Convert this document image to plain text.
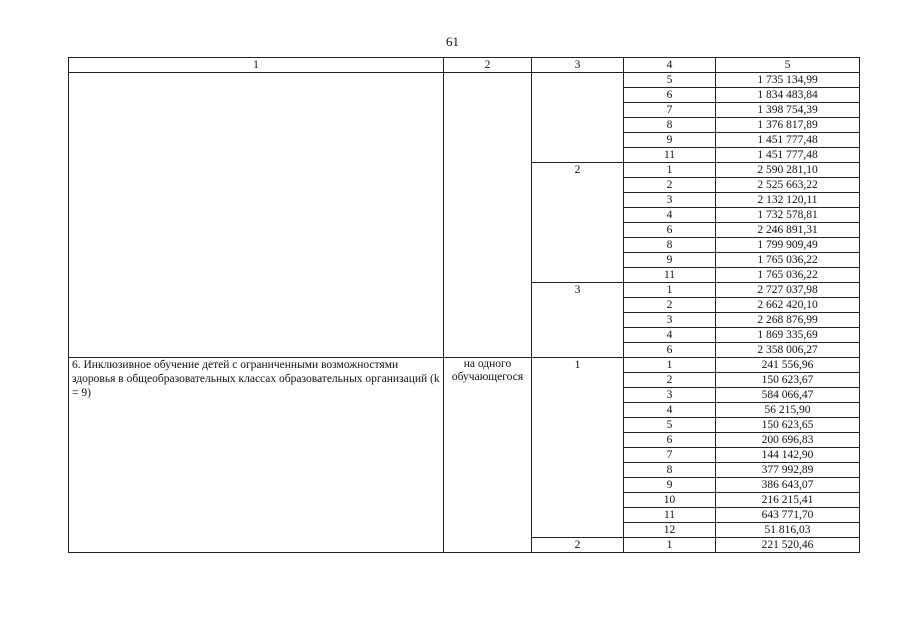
61
1	2	3	4	5
			5	1 735 134,99
			6	1 834 483,84
			7	1 398 754,39
			8	1 376 817,89
			9	1 451 777,48
			11	1 451 777,48
		2	1	2 590 281,10
			2	2 525 663,22
			3	2 132 120,11
			4	1 732 578,81
			6	2 246 891,31
			8	1 799 909,49
			9	1 765 036,22
			11	1 765 036,22
		3	1	2 727 037,98
			2	2 662 420,10
			3	2 268 876,99
			4	1 869 335,69
			6	2 358 006,27
6. Инклюзивное обучение детей с ограниченными возможностями здоровья в общеобразовательных классах образовательных организаций (k = 9)	на одного обучающегося	1	1	241 556,96
			2	150 623,67
			3	584 066,47
			4	56 215,90
			5	150 623,65
			6	200 696,83
			7	144 142,90
			8	377 992,89
			9	386 643,07
			10	216 215,41
			11	643 771,70
			12	51 816,03
		2	1	221 520,46
